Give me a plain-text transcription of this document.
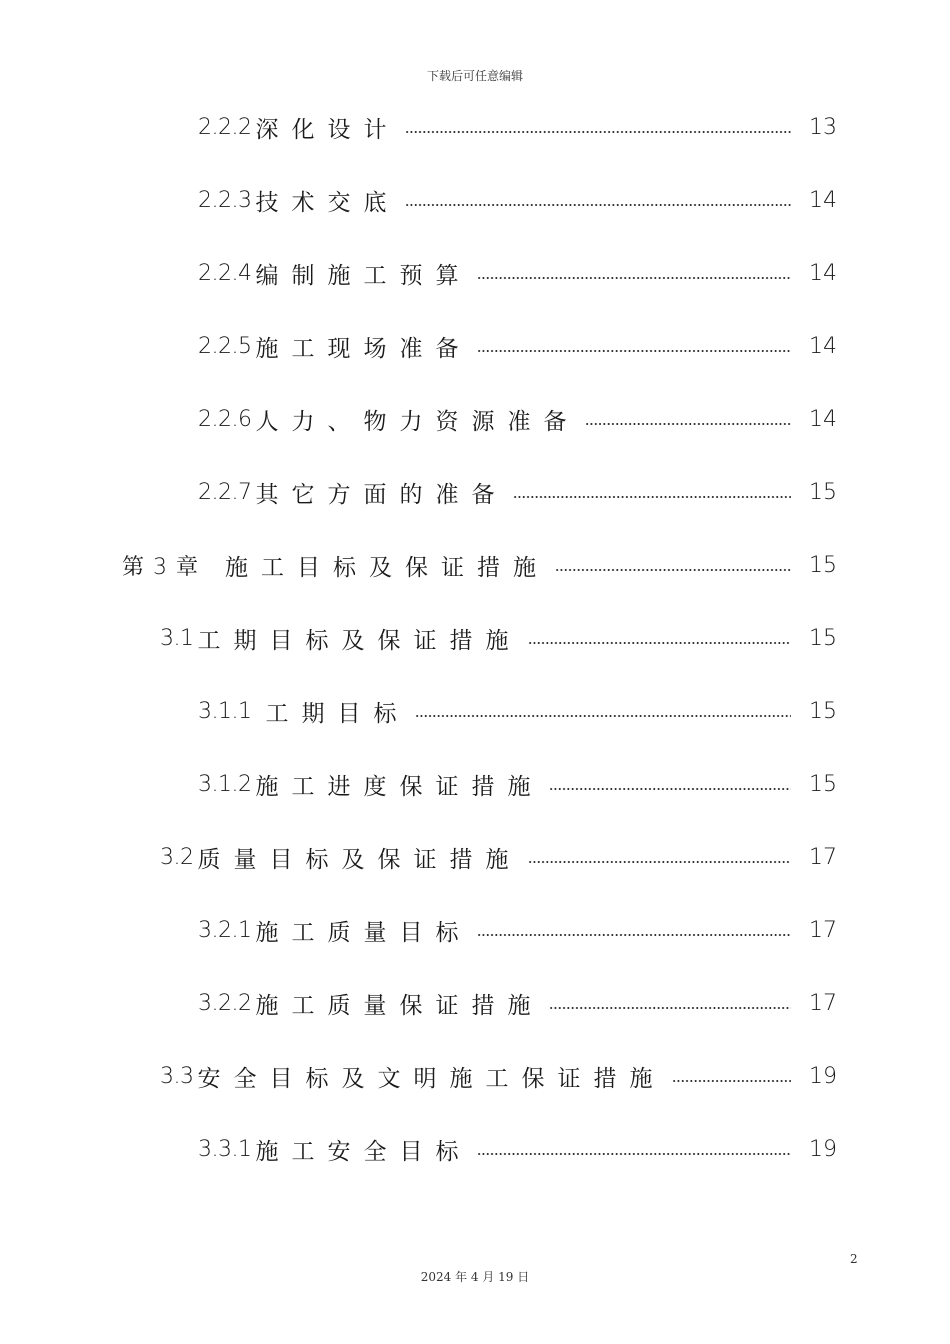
下载后可任意编辑
2.2.2 深化设计	13
2.2.3 技术交底	14
2.2.4 编制施工预算	14
2.2.5 施工现场准备	14
2.2.6 人力、物力资源准备	14
2.2.7 其它方面的准备	15
第 3 章 施工目标及保证措施	15
3.1 工期目标及保证措施	15
3.1.1 工期目标	15
3.1.2 施工进度保证措施	15
3.2 质量目标及保证措施	17
3.2.1 施工质量目标	17
3.2.2 施工质量保证措施	17
3.3 安全目标及文明施工保证措施	19
3.3.1 施工安全目标	19
2
2024 年 4 月 19 日
